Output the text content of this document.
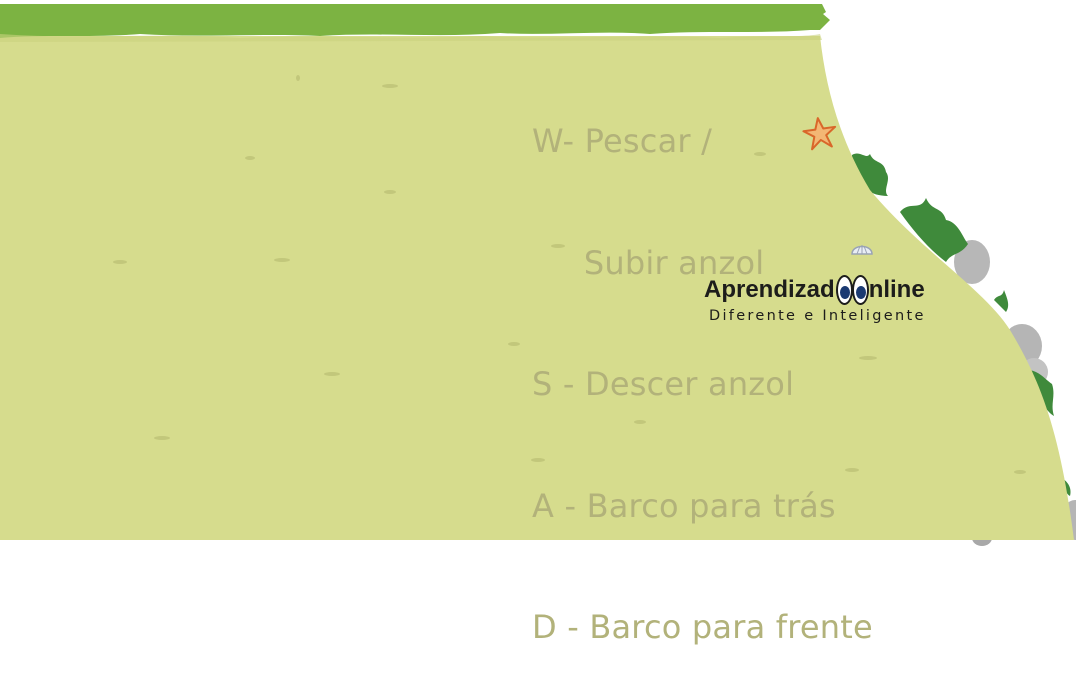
W- Pescar /

Subir anzol

S - Descer anzol

A - Barco para trás

D - Barco para frente

Aprendizad nline
Diferente e Inteligente
